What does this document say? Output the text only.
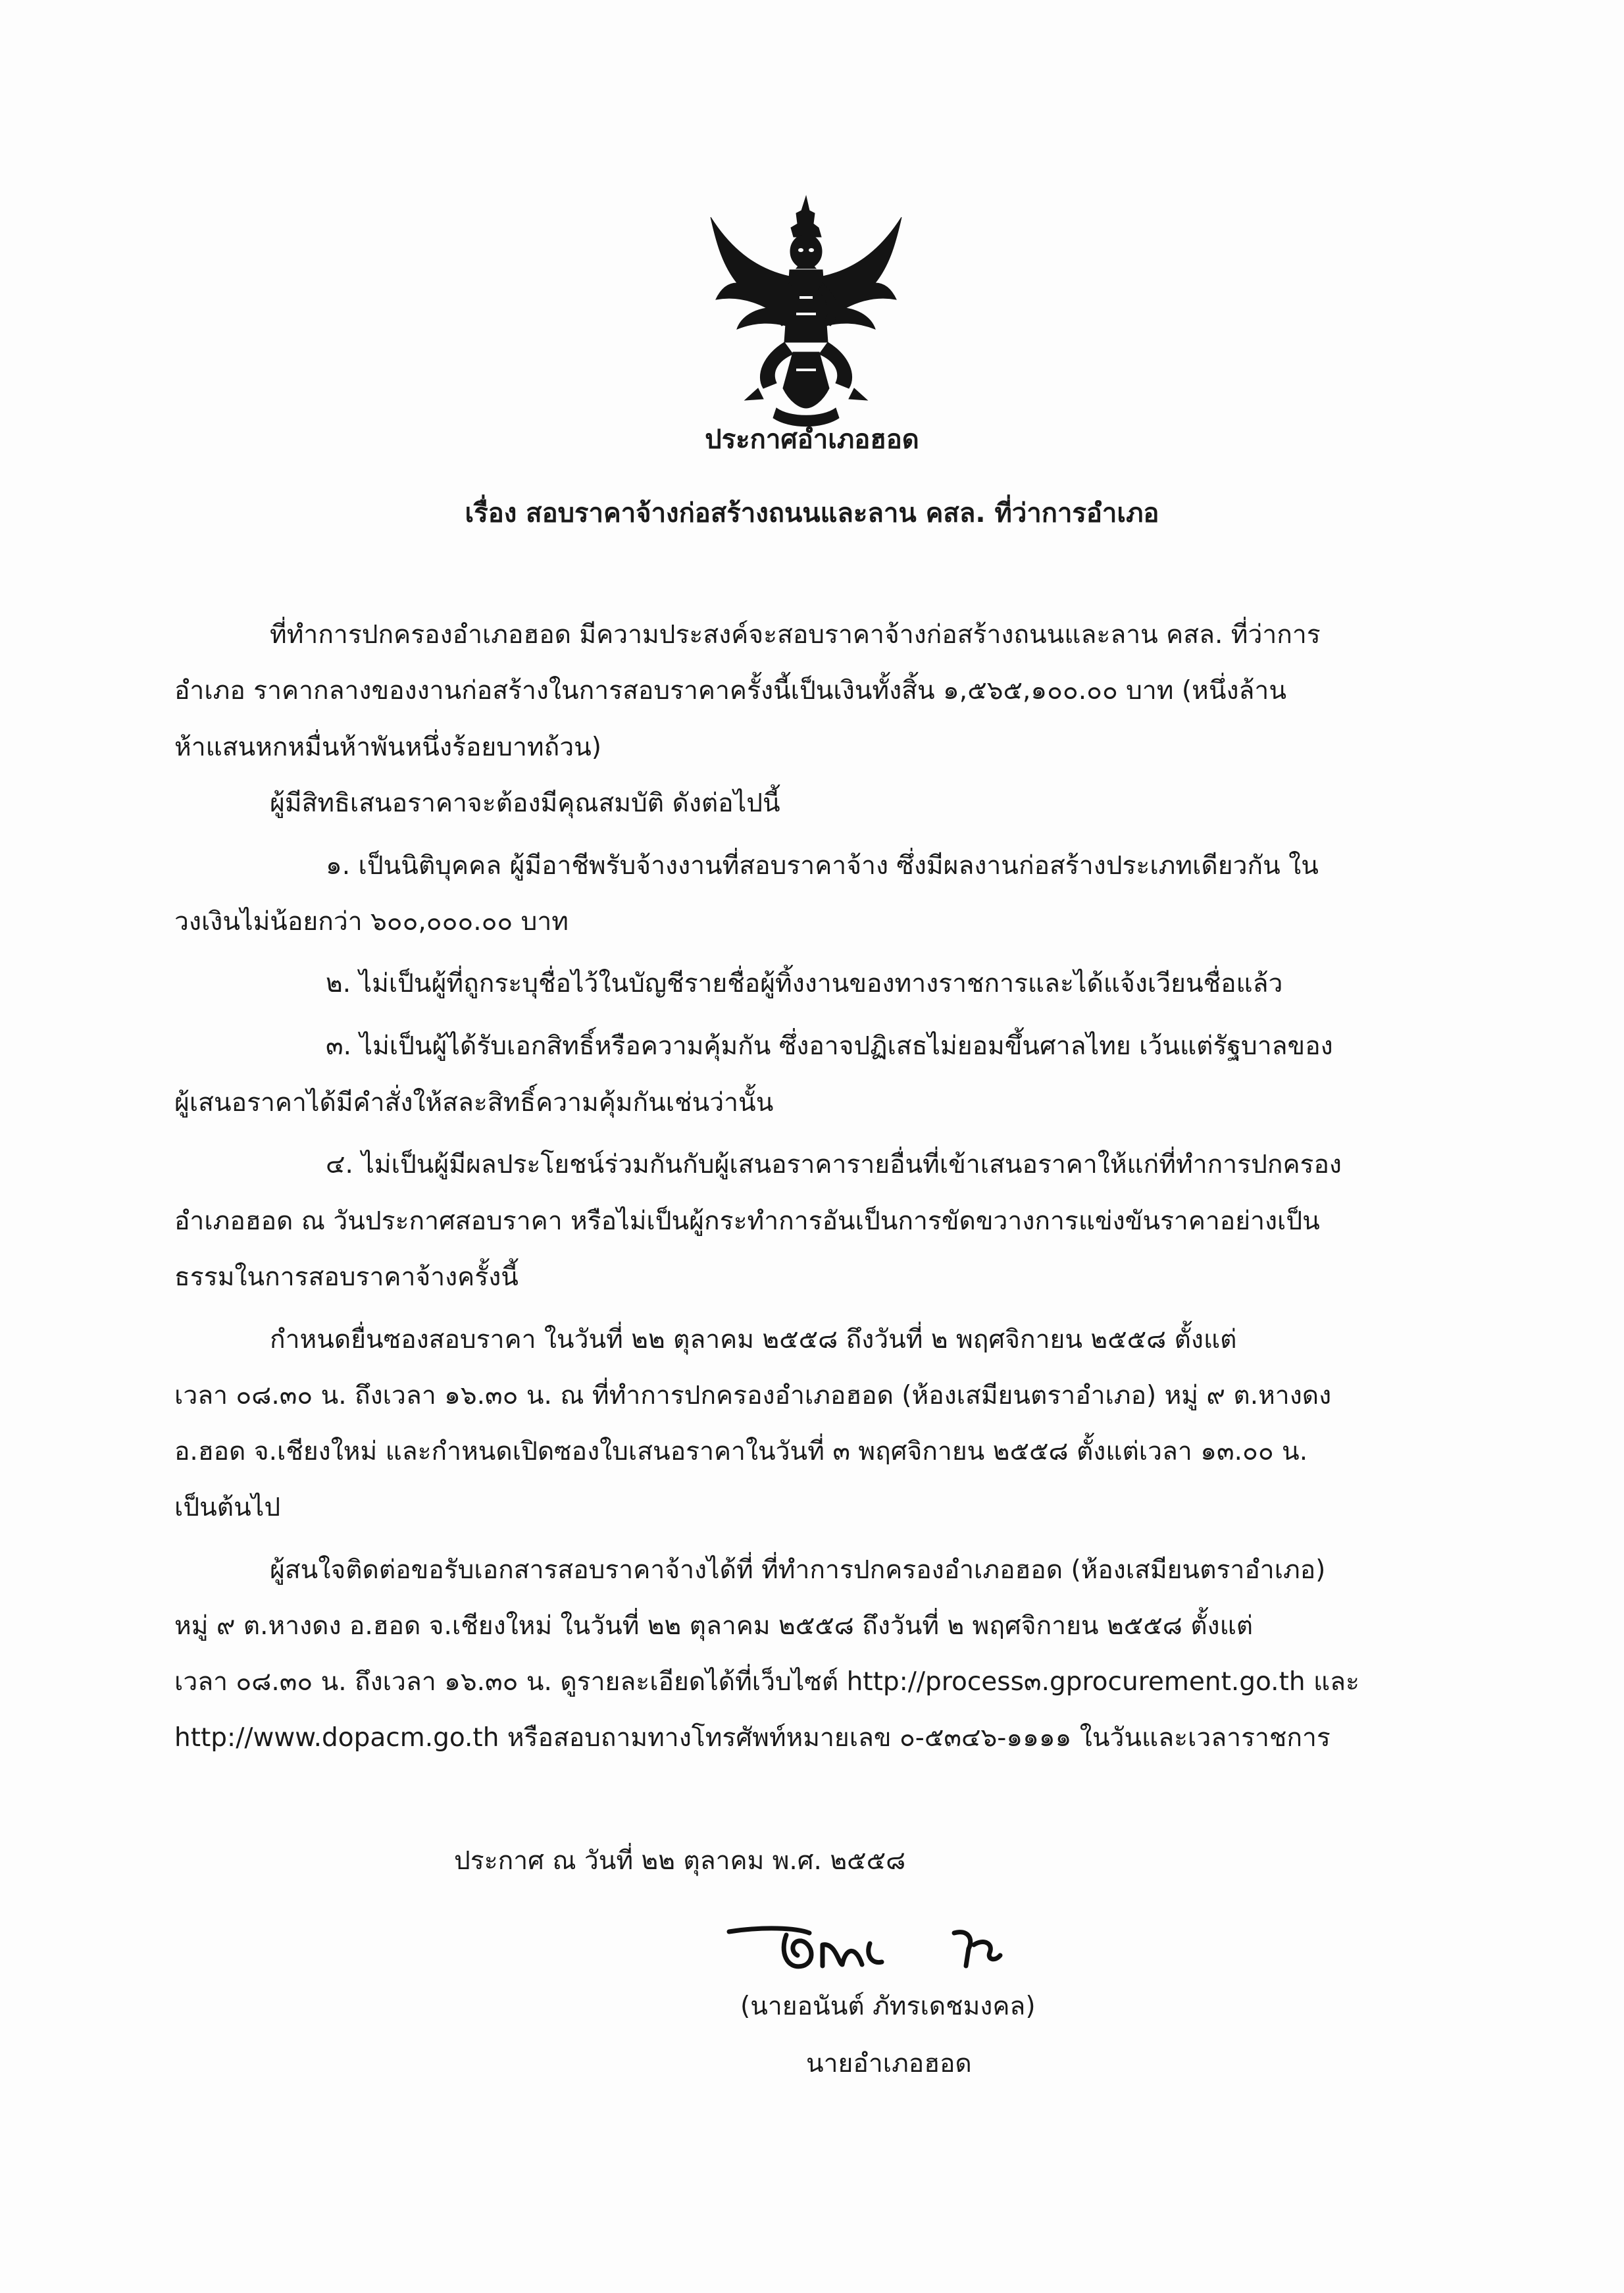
ประกาศอำเภอฮอด
เรื่อง สอบราคาจ้างก่อสร้างถนนและลาน คสล. ที่ว่าการอำเภอ
ที่ทำการปกครองอำเภอฮอด มีความประสงค์จะสอบราคาจ้างก่อสร้างถนนและลาน คสล. ที่ว่าการ
อำเภอ ราคากลางของงานก่อสร้างในการสอบราคาครั้งนี้เป็นเงินทั้งสิ้น ๑,๕๖๕,๑๐๐.๐๐ บาท (หนึ่งล้าน
ห้าแสนหกหมื่นห้าพันหนึ่งร้อยบาทถ้วน)
ผู้มีสิทธิเสนอราคาจะต้องมีคุณสมบัติ ดังต่อไปนี้
๑. เป็นนิติบุคคล ผู้มีอาชีพรับจ้างงานที่สอบราคาจ้าง ซึ่งมีผลงานก่อสร้างประเภทเดียวกัน ใน
วงเงินไม่น้อยกว่า ๖๐๐,๐๐๐.๐๐ บาท
๒. ไม่เป็นผู้ที่ถูกระบุชื่อไว้ในบัญชีรายชื่อผู้ทิ้งงานของทางราชการและได้แจ้งเวียนชื่อแล้ว
๓. ไม่เป็นผู้ได้รับเอกสิทธิ์หรือความคุ้มกัน ซึ่งอาจปฏิเสธไม่ยอมขึ้นศาลไทย เว้นแต่รัฐบาลของ
ผู้เสนอราคาได้มีคำสั่งให้สละสิทธิ์ความคุ้มกันเช่นว่านั้น
๔. ไม่เป็นผู้มีผลประโยชน์ร่วมกันกับผู้เสนอราคารายอื่นที่เข้าเสนอราคาให้แก่ที่ทำการปกครอง
อำเภอฮอด ณ วันประกาศสอบราคา หรือไม่เป็นผู้กระทำการอันเป็นการขัดขวางการแข่งขันราคาอย่างเป็น
ธรรมในการสอบราคาจ้างครั้งนี้
กำหนดยื่นซองสอบราคา ในวันที่ ๒๒ ตุลาคม ๒๕๕๘ ถึงวันที่ ๒ พฤศจิกายน ๒๕๕๘ ตั้งแต่
เวลา ๐๘.๓๐ น. ถึงเวลา ๑๖.๓๐ น. ณ ที่ทำการปกครองอำเภอฮอด (ห้องเสมียนตราอำเภอ) หมู่ ๙ ต.หางดง
อ.ฮอด จ.เชียงใหม่ และกำหนดเปิดซองใบเสนอราคาในวันที่ ๓ พฤศจิกายน ๒๕๕๘ ตั้งแต่เวลา ๑๓.๐๐ น.
เป็นต้นไป
ผู้สนใจติดต่อขอรับเอกสารสอบราคาจ้างได้ที่ ที่ทำการปกครองอำเภอฮอด (ห้องเสมียนตราอำเภอ)
หมู่ ๙ ต.หางดง อ.ฮอด จ.เชียงใหม่ ในวันที่ ๒๒ ตุลาคม ๒๕๕๘ ถึงวันที่ ๒ พฤศจิกายน ๒๕๕๘ ตั้งแต่
เวลา ๐๘.๓๐ น. ถึงเวลา ๑๖.๓๐ น. ดูรายละเอียดได้ที่เว็บไซต์ http://process๓.gprocurement.go.th และ
http://www.dopacm.go.th หรือสอบถามทางโทรศัพท์หมายเลข ๐-๕๓๔๖-๑๑๑๑ ในวันและเวลาราชการ
ประกาศ ณ วันที่ ๒๒ ตุลาคม พ.ศ. ๒๕๕๘
(นายอนันต์ ภัทรเดชมงคล)
นายอำเภอฮอด
